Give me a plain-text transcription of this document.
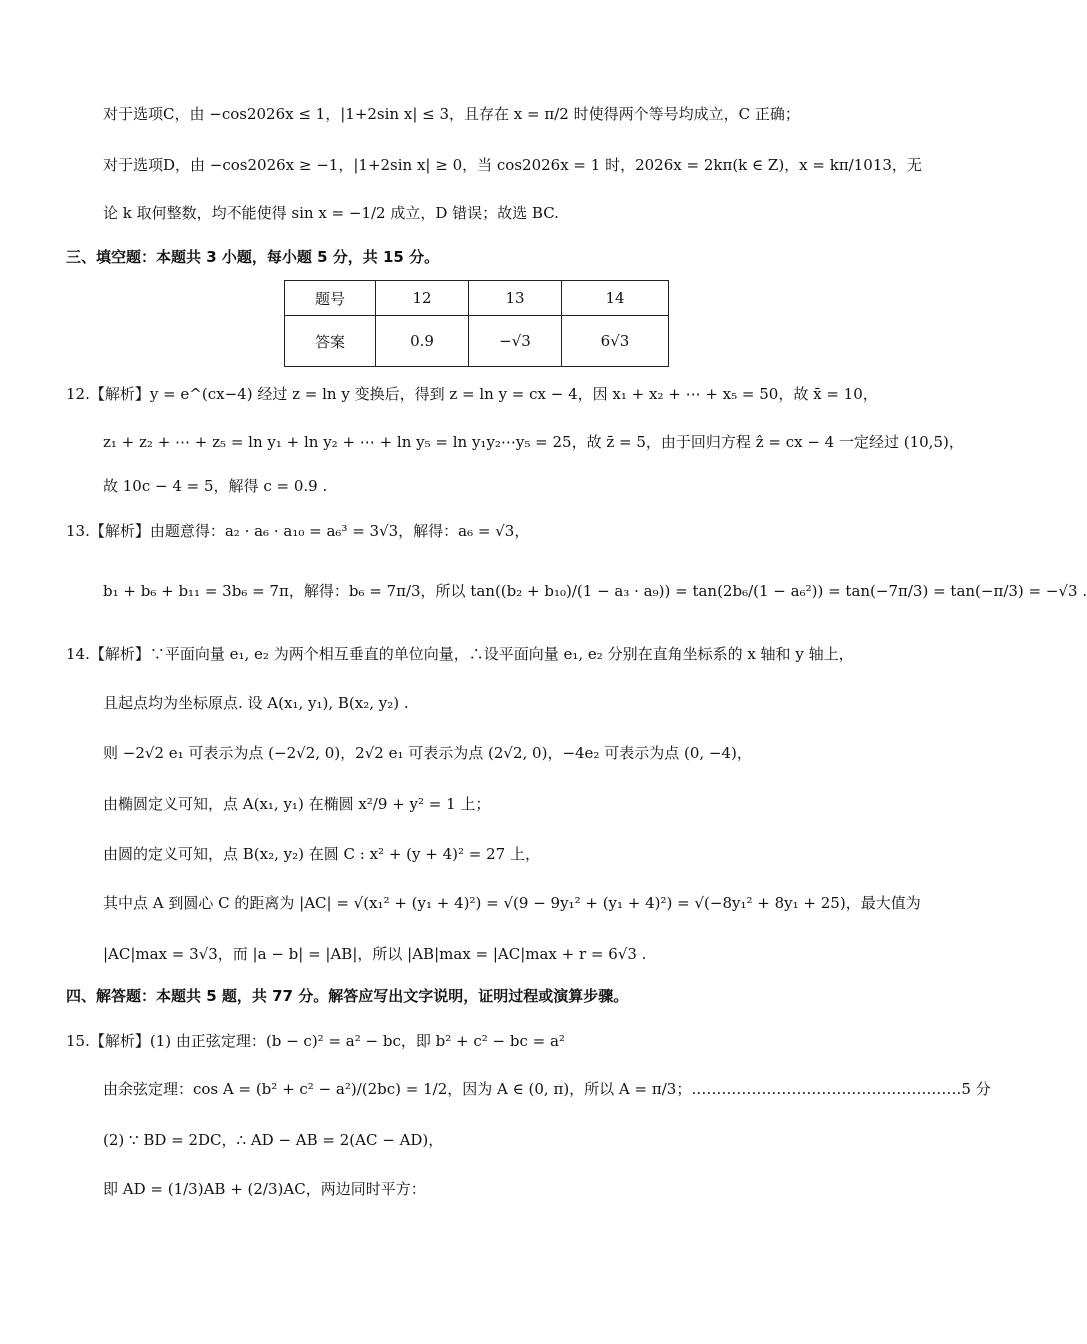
对于选项C，由 −cos2026x ≤ 1，|1+2sin x| ≤ 3，且存在 x = π/2 时使得两个等号均成立，C 正确；
对于选项D，由 −cos2026x ≥ −1，|1+2sin x| ≥ 0，当 cos2026x = 1 时，2026x = 2kπ(k ∈ Z)，x = kπ/1013，无
论 k 取何整数，均不能使得 sin x = −1/2 成立，D 错误；故选 BC.
三、填空题：本题共 3 小题，每小题 5 分，共 15 分。
题号	12	13	14
答案	0.9	−√3	6√3
12.【解析】y = e^(cx−4) 经过 z = ln y 变换后，得到 z = ln y = cx − 4，因 x₁ + x₂ + ⋯ + x₅ = 50，故 x̄ = 10，
z₁ + z₂ + ⋯ + z₅ = ln y₁ + ln y₂ + ⋯ + ln y₅ = ln y₁y₂⋯y₅ = 25，故 z̄ = 5，由于回归方程 ẑ = cx − 4 一定经过 (10,5)，
故 10c − 4 = 5，解得 c = 0.9 .
13.【解析】由题意得：a₂ · a₆ · a₁₀ = a₆³ = 3√3，解得：a₆ = √3，
b₁ + b₆ + b₁₁ = 3b₆ = 7π，解得：b₆ = 7π/3，所以 tan((b₂ + b₁₀)/(1 − a₃ · a₉)) = tan(2b₆/(1 − a₆²)) = tan(−7π/3) = tan(−π/3) = −√3 .
14.【解析】∵平面向量 e₁, e₂ 为两个相互垂直的单位向量，∴设平面向量 e₁, e₂ 分别在直角坐标系的 x 轴和 y 轴上，
且起点均为坐标原点. 设 A(x₁, y₁), B(x₂, y₂) .
则 −2√2 e₁ 可表示为点 (−2√2, 0)，2√2 e₁ 可表示为点 (2√2, 0)，−4e₂ 可表示为点 (0, −4)，
由椭圆定义可知，点 A(x₁, y₁) 在椭圆 x²/9 + y² = 1 上；
由圆的定义可知，点 B(x₂, y₂) 在圆 C : x² + (y + 4)² = 27 上，
其中点 A 到圆心 C 的距离为 |AC| = √(x₁² + (y₁ + 4)²) = √(9 − 9y₁² + (y₁ + 4)²) = √(−8y₁² + 8y₁ + 25)，最大值为
|AC|max = 3√3，而 |a − b| = |AB|，所以 |AB|max = |AC|max + r = 6√3 .
四、解答题：本题共 5 题，共 77 分。解答应写出文字说明，证明过程或演算步骤。
15.【解析】(1) 由正弦定理：(b − c)² = a² − bc，即 b² + c² − bc = a²
由余弦定理：cos A = (b² + c² − a²)/(2bc) = 1/2，因为 A ∈ (0, π)，所以 A = π/3；………………………………………………5 分
(2) ∵ BD = 2DC，∴ AD − AB = 2(AC − AD)，
即 AD = (1/3)AB + (2/3)AC，两边同时平方：
